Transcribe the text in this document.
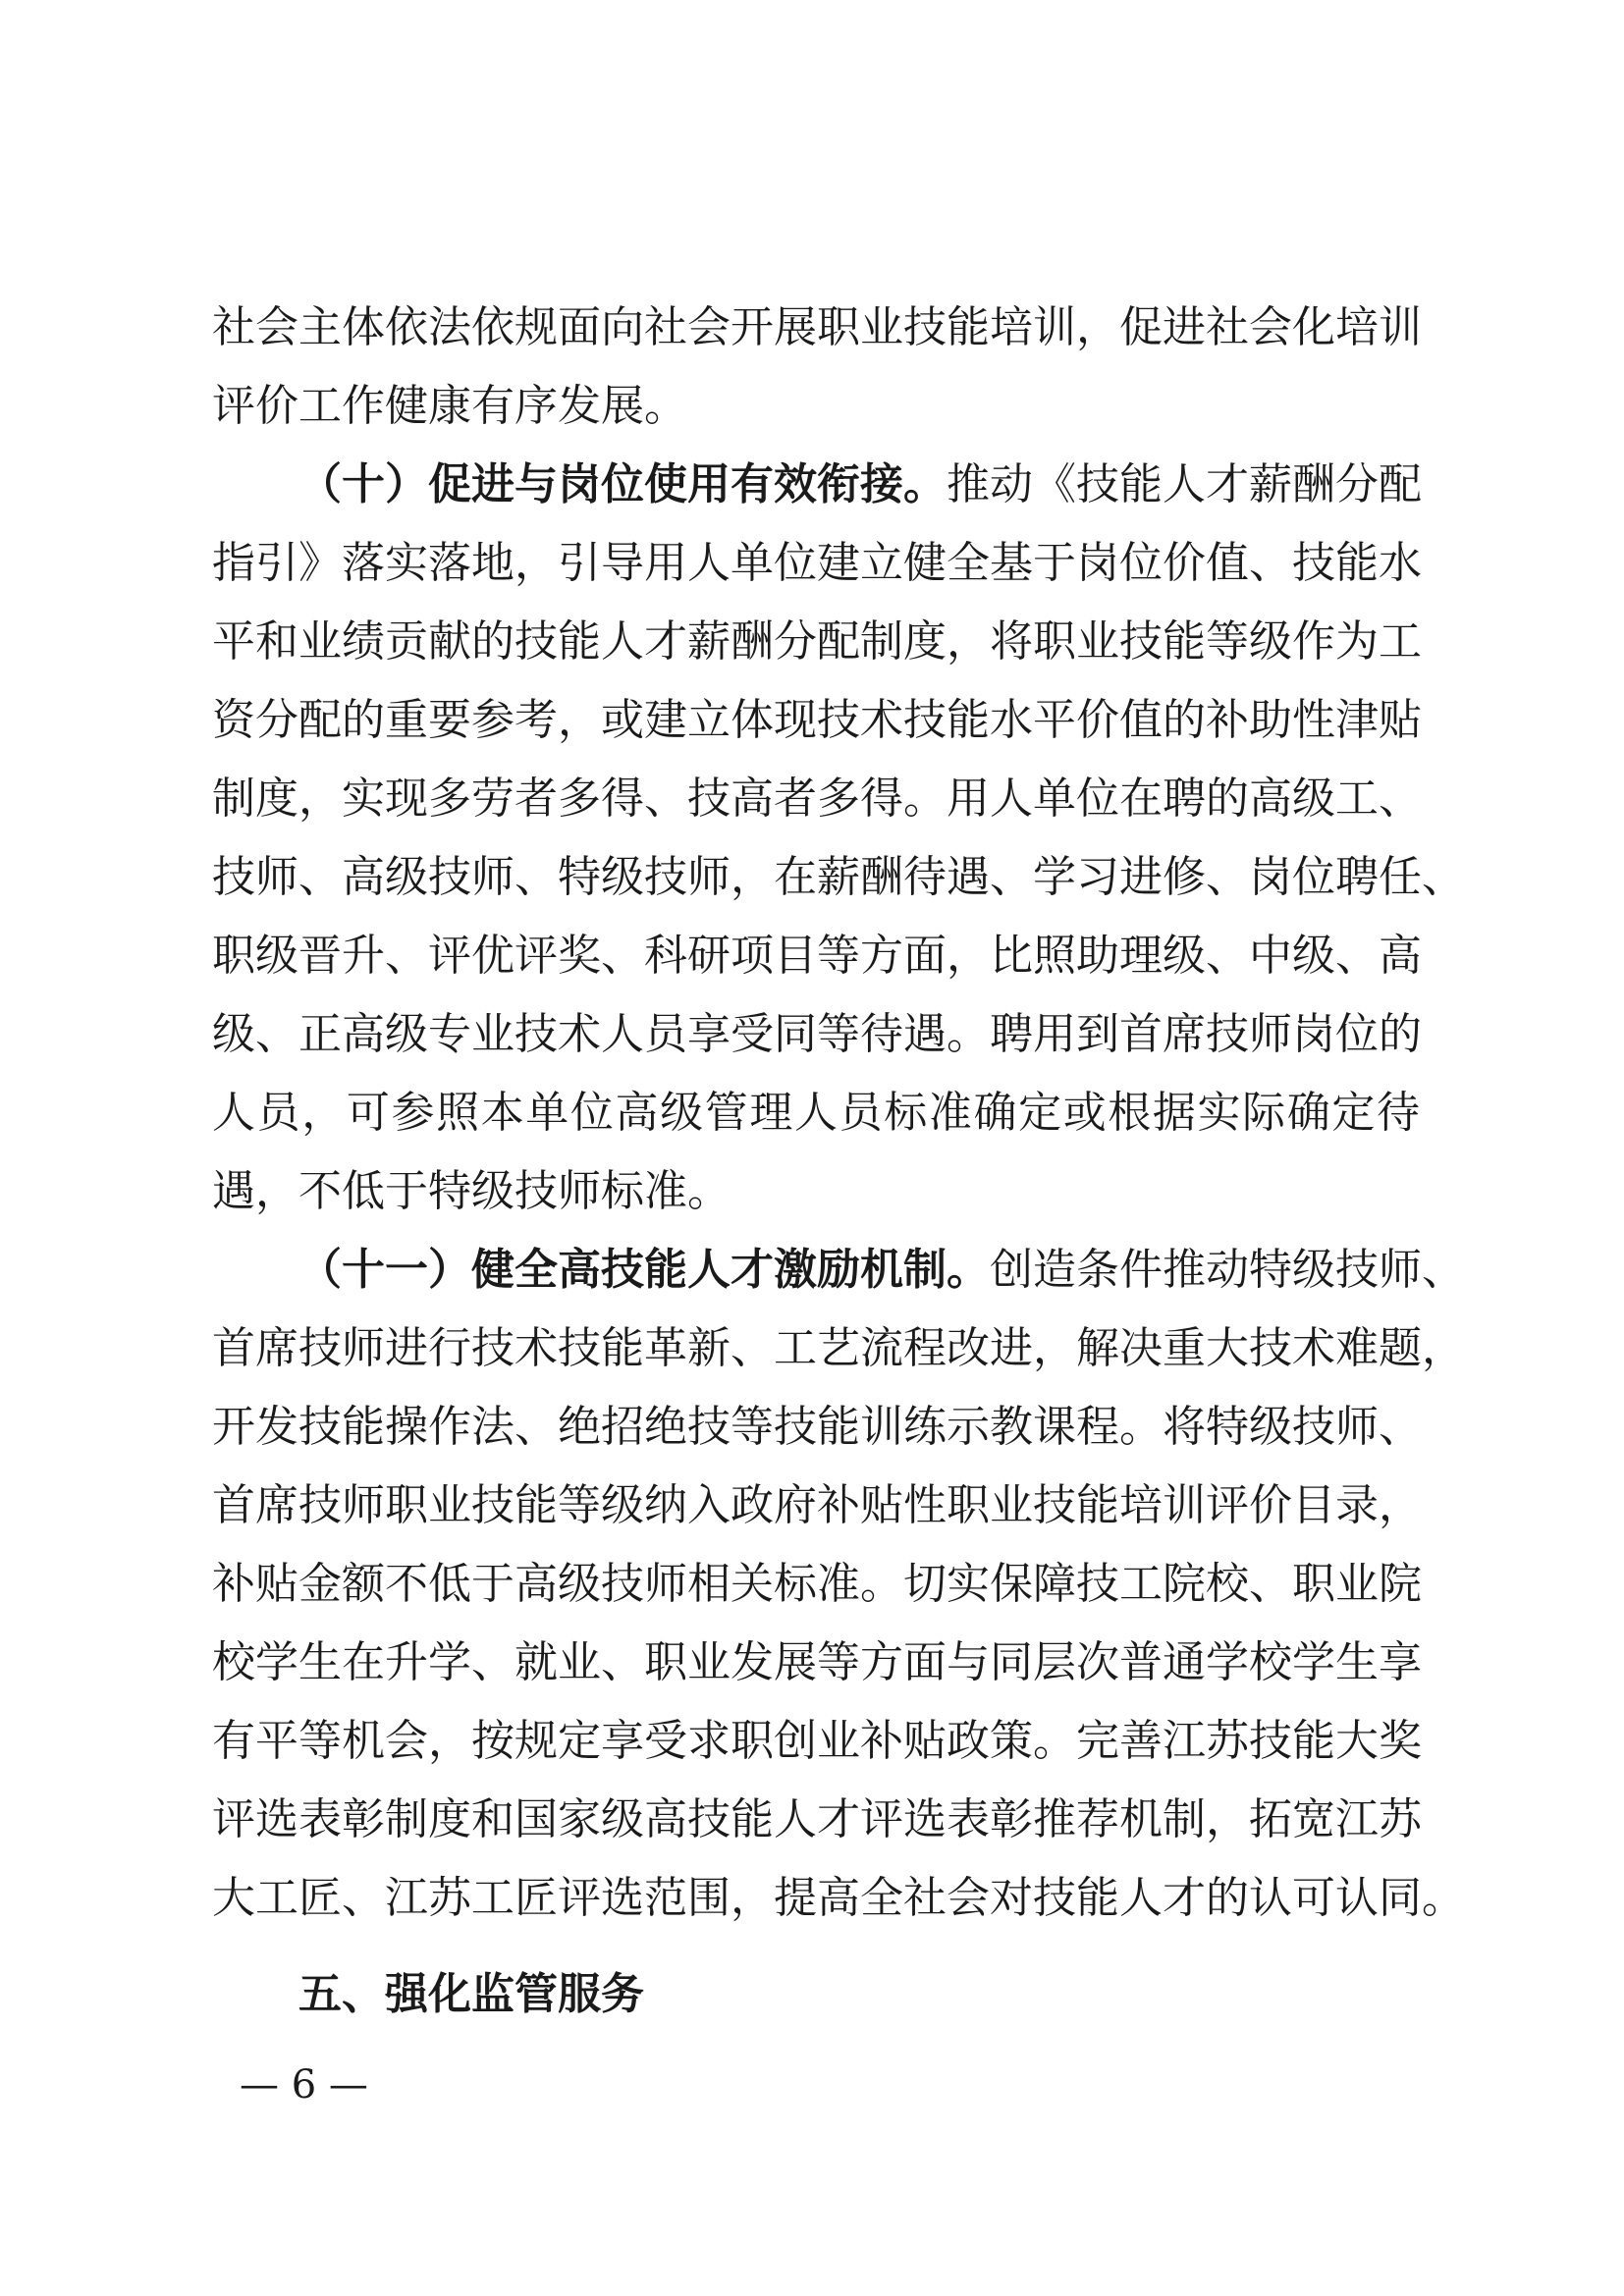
社会主体依法依规面向社会开展职业技能培训，促进社会化培训
评价工作健康有序发展。
（十）促进与岗位使用有效衔接。推动《技能人才薪酬分配
指引》落实落地，引导用人单位建立健全基于岗位价值、技能水
平和业绩贡献的技能人才薪酬分配制度，将职业技能等级作为工
资分配的重要参考，或建立体现技术技能水平价值的补助性津贴
制度，实现多劳者多得、技高者多得。用人单位在聘的高级工、
技师、高级技师、特级技师，在薪酬待遇、学习进修、岗位聘任、
职级晋升、评优评奖、科研项目等方面，比照助理级、中级、高
级、正高级专业技术人员享受同等待遇。聘用到首席技师岗位的
人员，可参照本单位高级管理人员标准确定或根据实际确定待
遇，不低于特级技师标准。
（十一）健全高技能人才激励机制。创造条件推动特级技师、
首席技师进行技术技能革新、工艺流程改进，解决重大技术难题，
开发技能操作法、绝招绝技等技能训练示教课程。将特级技师、
首席技师职业技能等级纳入政府补贴性职业技能培训评价目录，
补贴金额不低于高级技师相关标准。切实保障技工院校、职业院
校学生在升学、就业、职业发展等方面与同层次普通学校学生享
有平等机会，按规定享受求职创业补贴政策。完善江苏技能大奖
评选表彰制度和国家级高技能人才评选表彰推荐机制，拓宽江苏
大工匠、江苏工匠评选范围，提高全社会对技能人才的认可认同。
五、强化监管服务
— 6 —
